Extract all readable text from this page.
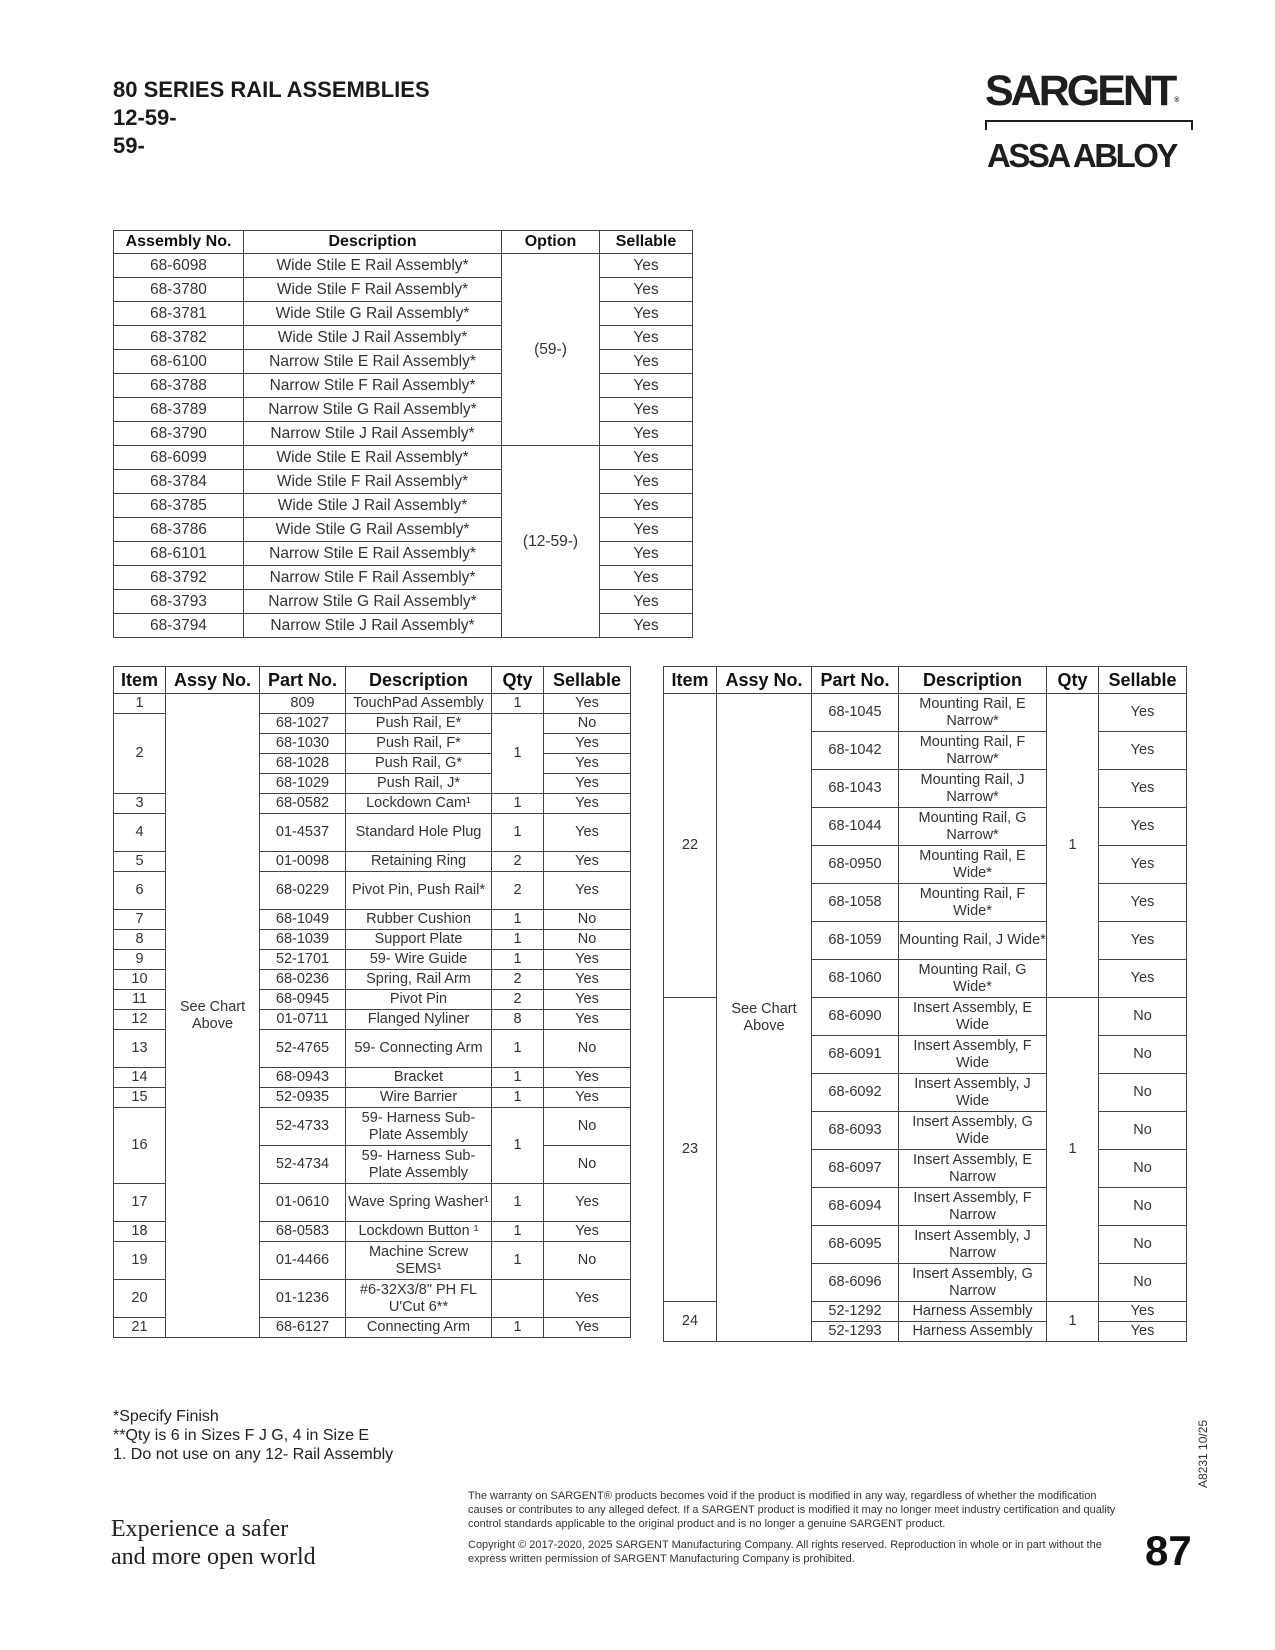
80 SERIES RAIL ASSEMBLIES
12-59-
59-
SARGENT®
ASSA ABLOY
Assembly No.	Description	Option	Sellable
68-6098	Wide Stile E Rail Assembly*	(59-)	Yes
68-3780	Wide Stile F Rail Assembly*		Yes
68-3781	Wide Stile G Rail Assembly*		Yes
68-3782	Wide Stile J Rail Assembly*		Yes
68-6100	Narrow Stile E Rail Assembly*		Yes
68-3788	Narrow Stile F Rail Assembly*		Yes
68-3789	Narrow Stile G Rail Assembly*		Yes
68-3790	Narrow Stile J Rail Assembly*		Yes
68-6099	Wide Stile E Rail Assembly*	(12-59-)	Yes
68-3784	Wide Stile F Rail Assembly*		Yes
68-3785	Wide Stile J Rail Assembly*		Yes
68-3786	Wide Stile G Rail Assembly*		Yes
68-6101	Narrow Stile E Rail Assembly*		Yes
68-3792	Narrow Stile F Rail Assembly*		Yes
68-3793	Narrow Stile G Rail Assembly*		Yes
68-3794	Narrow Stile J Rail Assembly*		Yes
Item	Assy No.	Part No.	Description	Qty	Sellable
1	See Chart Above	809	TouchPad Assembly	1	Yes
2		68-1027	Push Rail, E*	1	No
		68-1030	Push Rail, F*		Yes
		68-1028	Push Rail, G*		Yes
		68-1029	Push Rail, J*		Yes
3		68-0582	Lockdown Cam¹	1	Yes
4		01-4537	Standard Hole Plug	1	Yes
5		01-0098	Retaining Ring	2	Yes
6		68-0229	Pivot Pin, Push Rail*	2	Yes
7		68-1049	Rubber Cushion	1	No
8		68-1039	Support Plate	1	No
9		52-1701	59- Wire Guide	1	Yes
10		68-0236	Spring, Rail Arm	2	Yes
11		68-0945	Pivot Pin	2	Yes
12		01-0711	Flanged Nyliner	8	Yes
13		52-4765	59- Connecting Arm	1	No
14		68-0943	Bracket	1	Yes
15		52-0935	Wire Barrier	1	Yes
16		52-4733	59- Harness Sub-Plate Assembly	1	No
		52-4734	59- Harness Sub-Plate Assembly		No
17		01-0610	Wave Spring Washer¹	1	Yes
18		68-0583	Lockdown Button ¹	1	Yes
19		01-4466	Machine Screw SEMS¹	1	No
20		01-1236	#6-32X3/8" PH FL U'Cut 6**		Yes
21		68-6127	Connecting Arm	1	Yes
Item	Assy No.	Part No.	Description	Qty	Sellable
22	See Chart Above	68-1045	Mounting Rail, E Narrow*	1	Yes
		68-1042	Mounting Rail, F Narrow*		Yes
		68-1043	Mounting Rail, J Narrow*		Yes
		68-1044	Mounting Rail, G Narrow*		Yes
		68-0950	Mounting Rail, E Wide*		Yes
		68-1058	Mounting Rail, F Wide*		Yes
		68-1059	Mounting Rail, J Wide*		Yes
		68-1060	Mounting Rail, G Wide*		Yes
23		68-6090	Insert Assembly, E Wide	1	No
		68-6091	Insert Assembly, F Wide		No
		68-6092	Insert Assembly, J Wide		No
		68-6093	Insert Assembly, G Wide		No
		68-6097	Insert Assembly, E Narrow		No
		68-6094	Insert Assembly, F Narrow		No
		68-6095	Insert Assembly, J Narrow		No
		68-6096	Insert Assembly, G Narrow		No
24		52-1292	Harness Assembly	1	Yes
		52-1293	Harness Assembly		Yes
*Specify Finish
**Qty is 6 in Sizes F J G, 4 in Size E
1. Do not use on any 12- Rail Assembly
Experience a safer
and more open world
The warranty on SARGENT® products becomes void if the product is modified in any way, regardless of whether the modification causes or contributes to any alleged defect. If a SARGENT product is modified it may no longer meet industry certification and quality control standards applicable to the original product and is no longer a genuine SARGENT product.
Copyright © 2017-2020, 2025 SARGENT Manufacturing Company. All rights reserved. Reproduction in whole or in part without the express written permission of SARGENT Manufacturing Company is prohibited.	87
A8231 10/25
